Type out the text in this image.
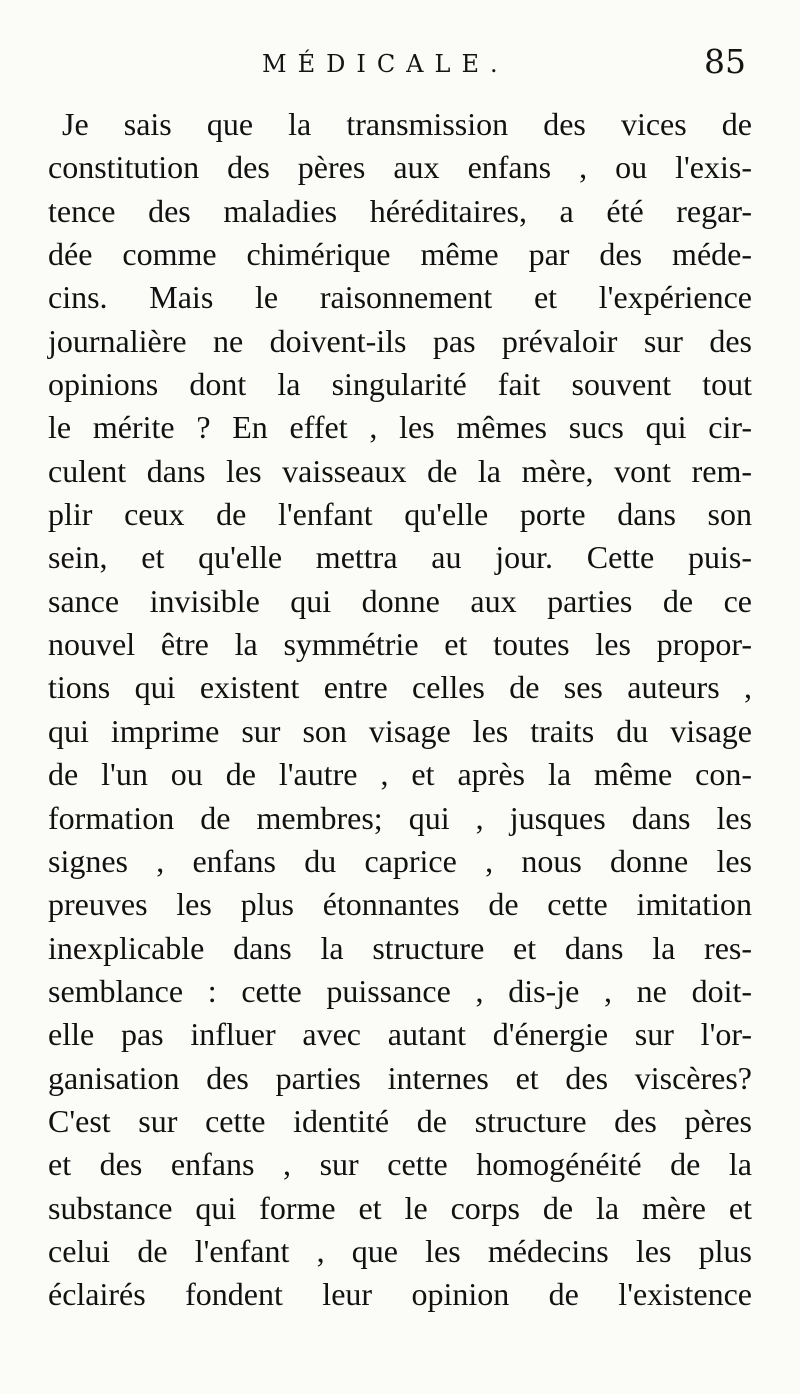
MÉDICALE.	85
Je sais que la transmission des vices de
constitution des pères aux enfans , ou l'exis-
tence des maladies héréditaires, a été regar-
dée comme chimérique même par des méde-
cins. Mais le raisonnement et l'expérience
journalière ne doivent-ils pas prévaloir sur des
opinions dont la singularité fait souvent tout
le mérite ? En effet , les mêmes sucs qui cir-
culent dans les vaisseaux de la mère, vont rem-
plir ceux de l'enfant qu'elle porte dans son
sein, et qu'elle mettra au jour. Cette puis-
sance invisible qui donne aux parties de ce
nouvel être la symmétrie et toutes les propor-
tions qui existent entre celles de ses auteurs ,
qui imprime sur son visage les traits du visage
de l'un ou de l'autre , et après la même con-
formation de membres; qui , jusques dans les
signes , enfans du caprice , nous donne les
preuves les plus étonnantes de cette imitation
inexplicable dans la structure et dans la res-
semblance : cette puissance , dis-je , ne doit-
elle pas influer avec autant d'énergie sur l'or-
ganisation des parties internes et des viscères?
C'est sur cette identité de structure des pères
et des enfans , sur cette homogénéité de la
substance qui forme et le corps de la mère et
celui de l'enfant , que les médecins les plus
éclairés fondent leur opinion de l'existence
